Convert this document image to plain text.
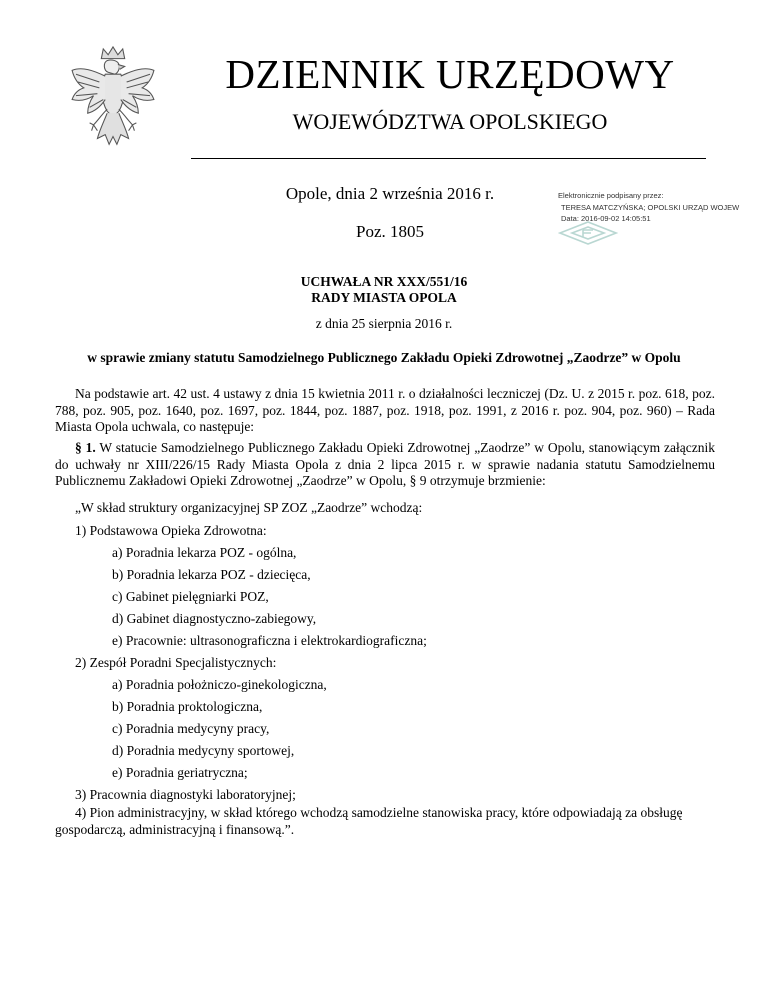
DZIENNIK URZĘDOWY
WOJEWÓDZTWA OPOLSKIEGO
Opole, dnia 2 września 2016 r.
Poz. 1805
Elektronicznie podpisany przez:
TERESA MATCZYŃSKA; OPOLSKI URZĄD WOJEW
Data: 2016-09-02 14:05:51
UCHWAŁA NR XXX/551/16
RADY MIASTA OPOLA
z dnia 25 sierpnia 2016 r.
w sprawie zmiany statutu Samodzielnego Publicznego Zakładu Opieki Zdrowotnej „Zaodrze” w Opolu
Na podstawie art. 42 ust. 4 ustawy z dnia 15 kwietnia 2011 r. o działalności leczniczej (Dz. U. z 2015 r. poz. 618, poz. 788, poz. 905, poz. 1640, poz. 1697, poz. 1844, poz. 1887, poz. 1918, poz. 1991, z 2016 r. poz. 904, poz. 960) – Rada Miasta Opola uchwala, co następuje:
§ 1. W statucie Samodzielnego Publicznego Zakładu Opieki Zdrowotnej „Zaodrze” w Opolu, stanowiącym załącznik do uchwały nr XIII/226/15 Rady Miasta Opola z dnia 2 lipca 2015 r. w sprawie nadania statutu Samodzielnemu Publicznemu Zakładowi Opieki Zdrowotnej „Zaodrze” w Opolu, § 9 otrzymuje brzmienie:
„W skład struktury organizacyjnej SP ZOZ „Zaodrze” wchodzą:
1) Podstawowa Opieka Zdrowotna:
a) Poradnia lekarza POZ - ogólna,
b) Poradnia lekarza POZ - dziecięca,
c) Gabinet pielęgniarki POZ,
d) Gabinet diagnostyczno-zabiegowy,
e) Pracownie: ultrasonograficzna i elektrokardiograficzna;
2) Zespół Poradni Specjalistycznych:
a) Poradnia położniczo-ginekologiczna,
b) Poradnia proktologiczna,
c) Poradnia medycyny pracy,
d) Poradnia medycyny sportowej,
e) Poradnia geriatryczna;
3) Pracownia diagnostyki laboratoryjnej;
4) Pion administracyjny, w skład którego wchodzą samodzielne stanowiska pracy, które odpowiadają za obsługę gospodarczą, administracyjną i finansową.”.
